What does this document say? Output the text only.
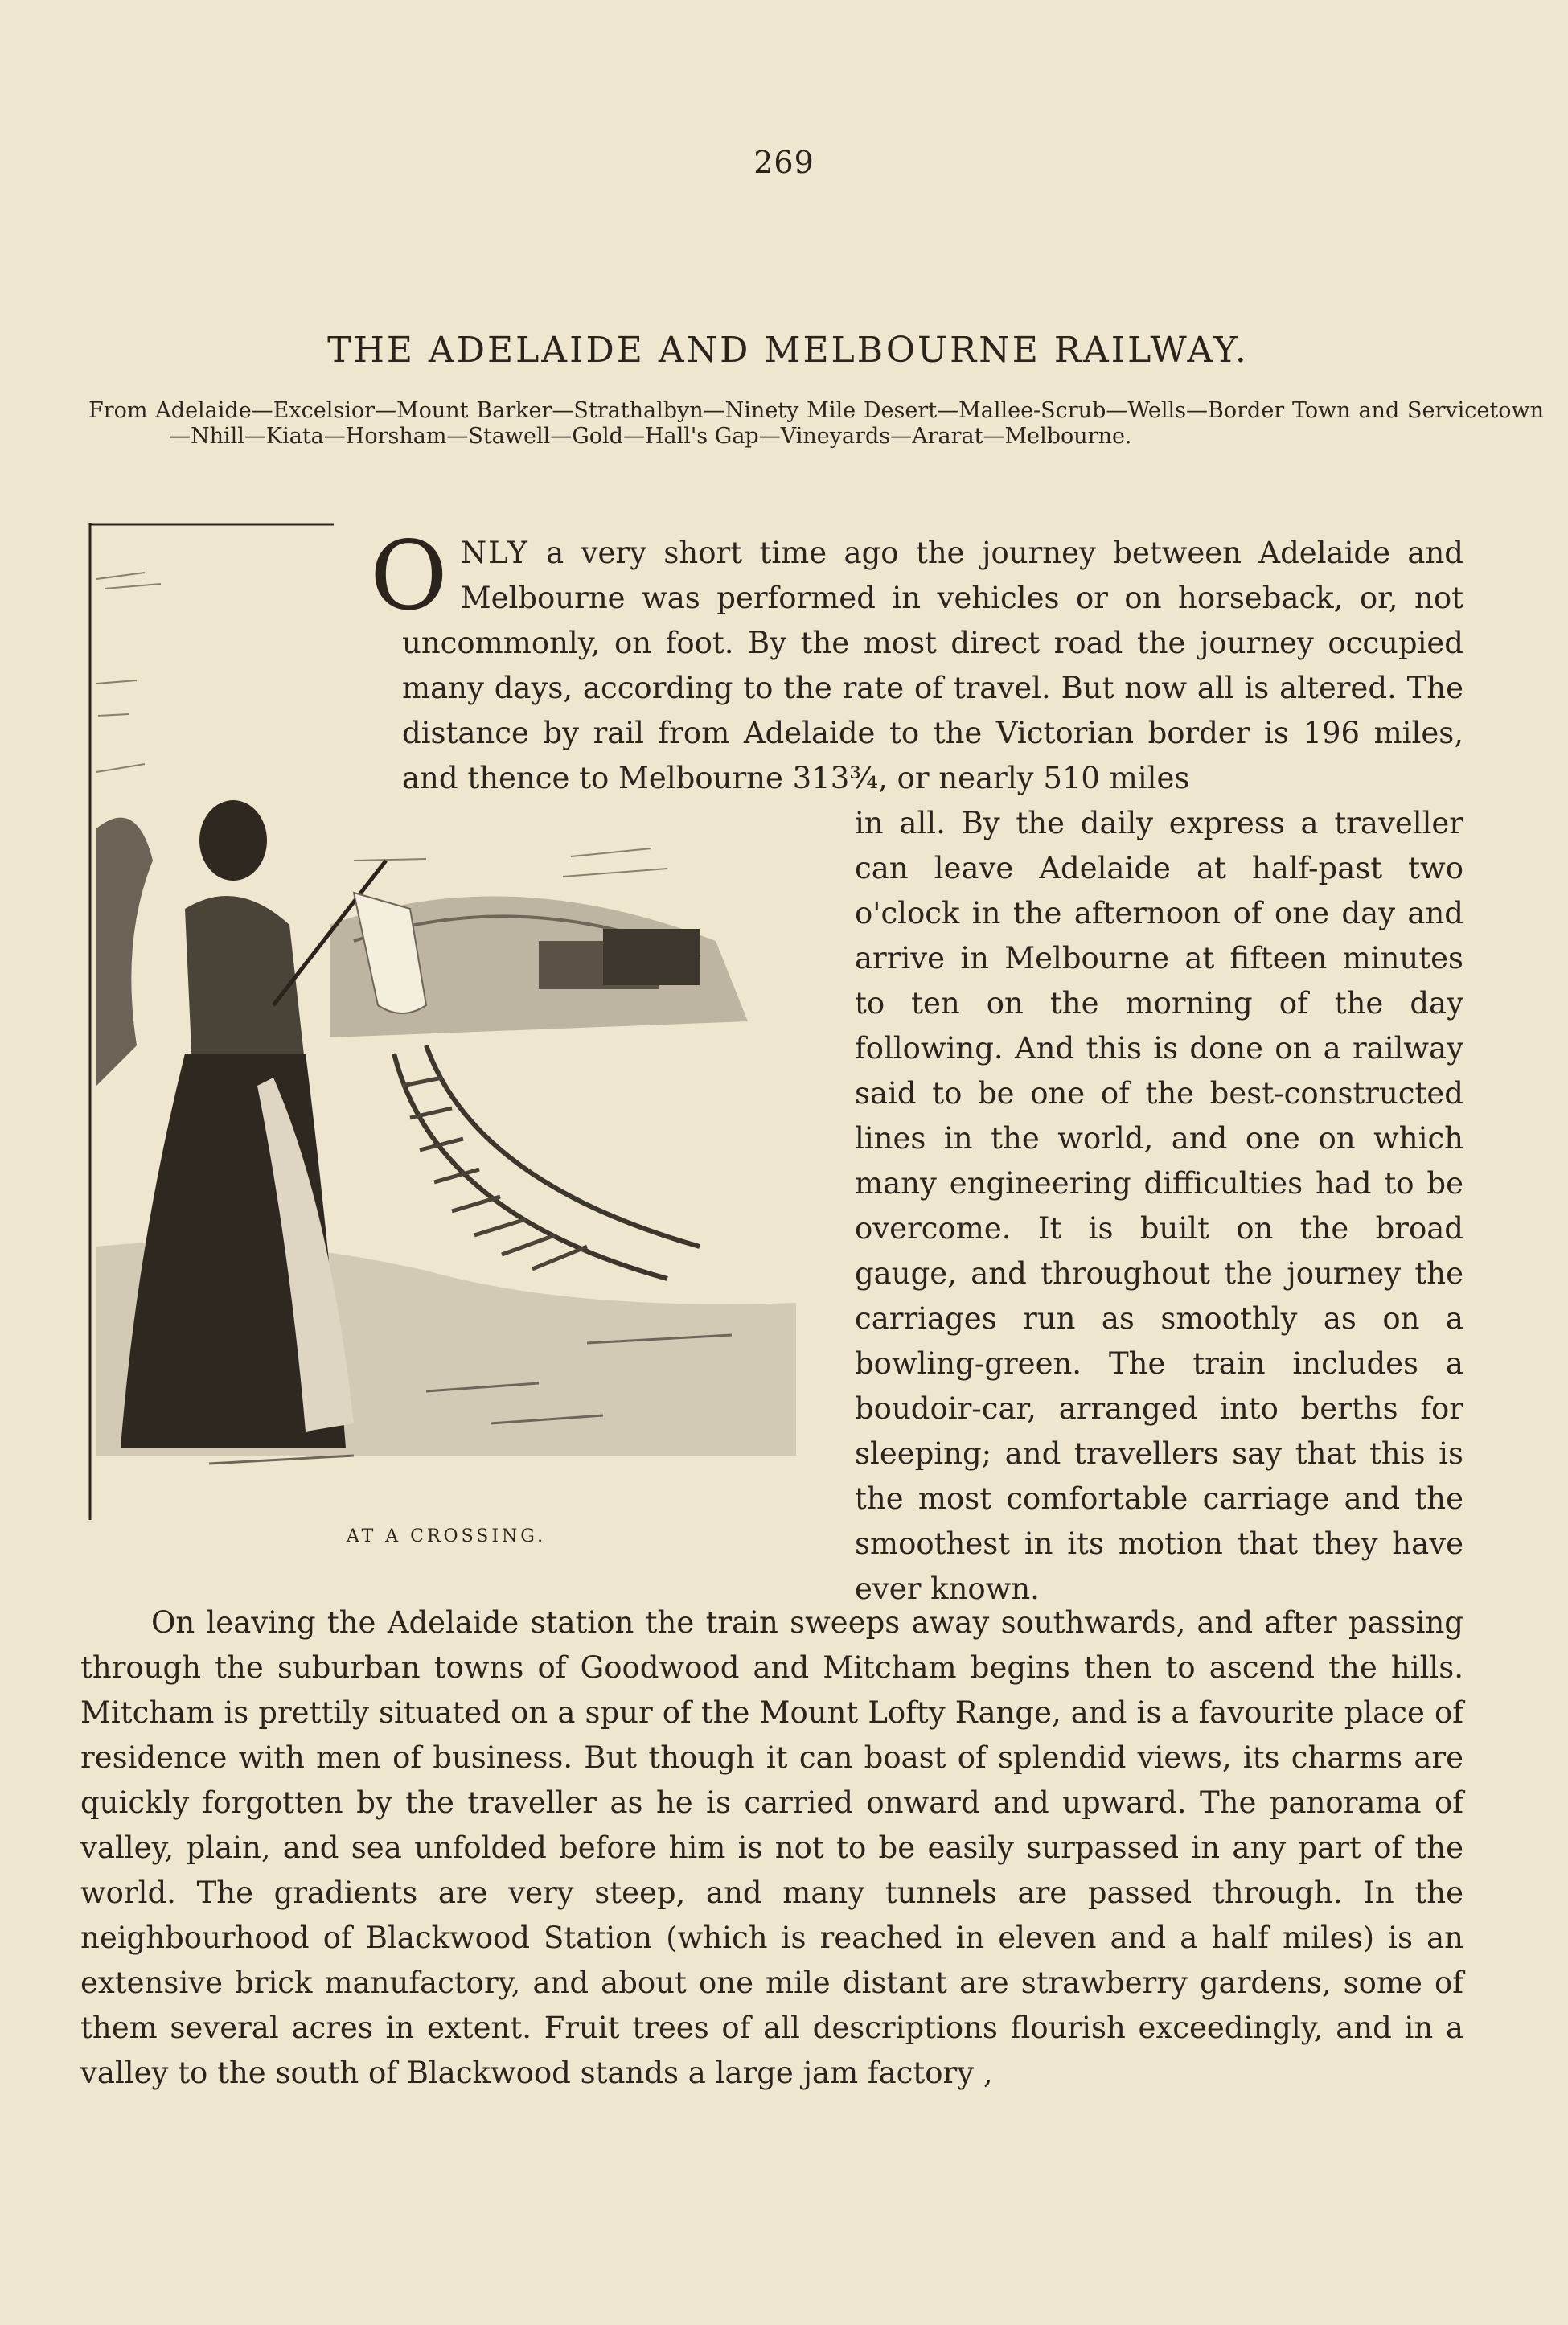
269
THE ADELAIDE AND MELBOURNE RAILWAY.
From Adelaide—Excelsior—Mount Barker—Strathalbyn—Ninety Mile Desert—Mallee-Scrub—Wells—Border Town and Servicetown—Nhill—Kiata—Horsham—Stawell—Gold—Hall's Gap—Vineyards—Ararat—Melbourne.
AT A CROSSING.
ONLY a very short time ago the journey between Adelaide and Melbourne was performed in vehicles or on horseback, or, not uncommonly, on foot. By the most direct road the journey occupied many days, according to the rate of travel. But now all is altered. The distance by rail from Adelaide to the Victorian border is 196 miles, and thence to Melbourne 313¾, or nearly 510 miles
in all. By the daily express a traveller can leave Adelaide at half-past two o'clock in the afternoon of one day and arrive in Melbourne at fifteen minutes to ten on the morning of the day following. And this is done on a railway said to be one of the best-constructed lines in the world, and one on which many engineering difficulties had to be overcome. It is built on the broad gauge, and throughout the journey the carriages run as smoothly as on a bowling-green. The train includes a boudoir-car, arranged into berths for sleeping; and travellers say that this is the most comfortable carriage and the smoothest in its motion that they have ever known.
On leaving the Adelaide station the train sweeps away southwards, and after passing through the suburban towns of Goodwood and Mitcham begins then to ascend the hills. Mitcham is prettily situated on a spur of the Mount Lofty Range, and is a favourite place of residence with men of business. But though it can boast of splendid views, its charms are quickly forgotten by the traveller as he is carried onward and upward. The panorama of valley, plain, and sea unfolded before him is not to be easily surpassed in any part of the world. The gradients are very steep, and many tunnels are passed through. In the neighbourhood of Blackwood Station (which is reached in eleven and a half miles) is an extensive brick manufactory, and about one mile distant are strawberry gardens, some of them several acres in extent. Fruit trees of all descriptions flourish exceedingly, and in a valley to the south of Blackwood stands a large jam factory ,
